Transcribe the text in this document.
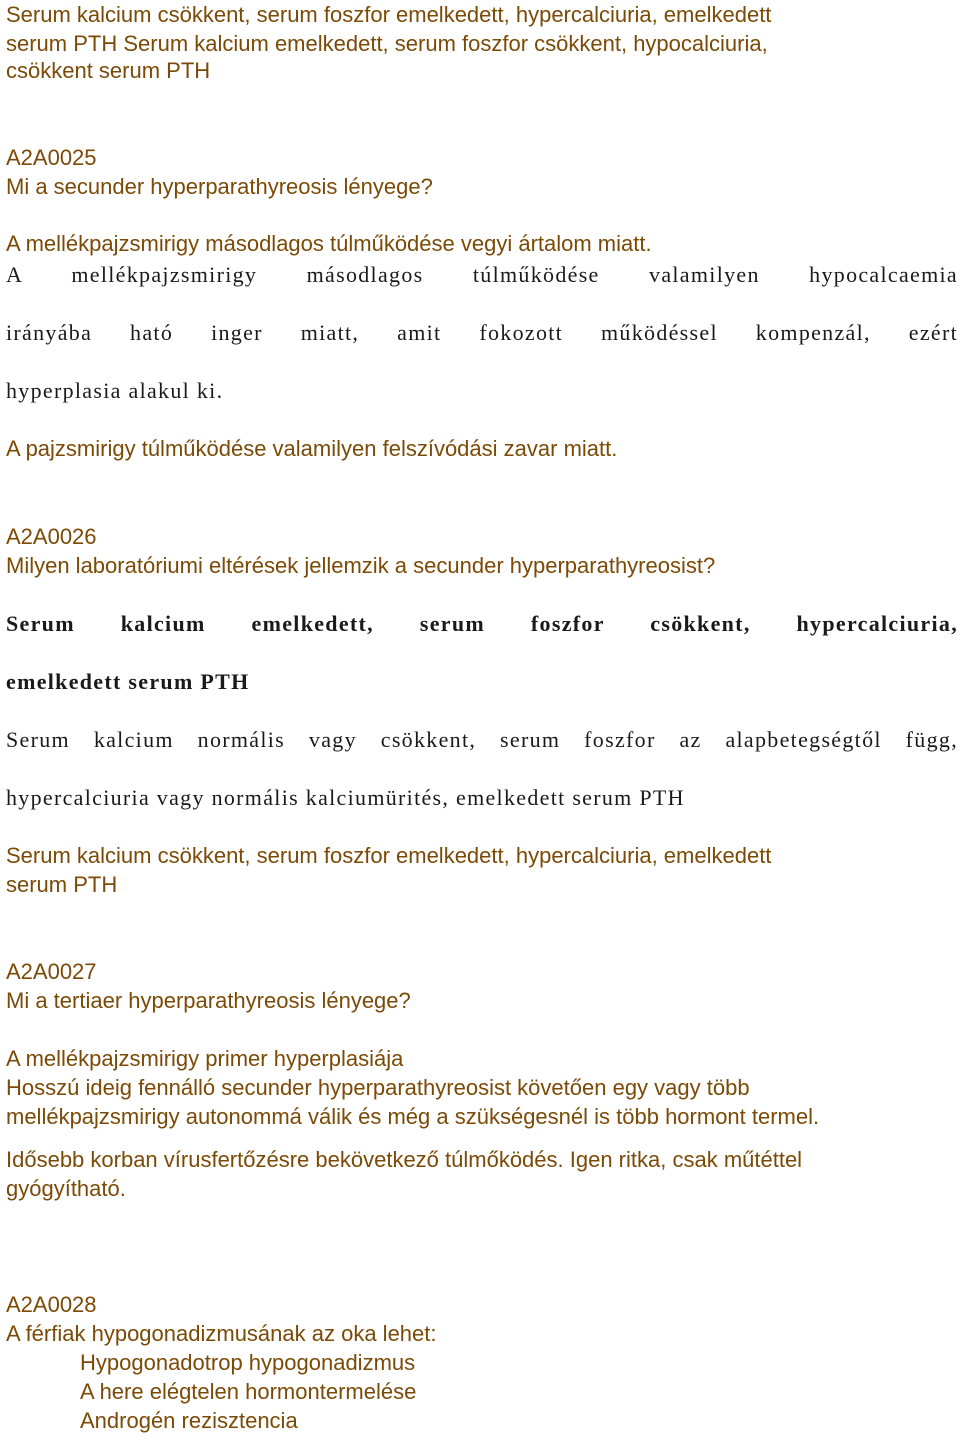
Serum kalcium csökkent, serum foszfor emelkedett, hypercalciuria, emelkedett

serum PTH Serum kalcium emelkedett, serum foszfor csökkent, hypocalciuria,

csökkent serum PTH

A2A0025

Mi a secunder hyperparathyreosis lényege?

A mellékpajzsmirigy másodlagos túlműködése vegyi ártalom miatt.

A mellékpajzsmirigy másodlagos túlműködése valamilyen hypocalcaemia

irányába ható inger miatt, amit fokozott működéssel kompenzál, ezért

hyperplasia alakul ki.

A pajzsmirigy túlműködése valamilyen felszívódási zavar miatt.

A2A0026

Milyen laboratóriumi eltérések jellemzik a secunder hyperparathyreosist?

Serum kalcium emelkedett, serum foszfor csökkent, hypercalciuria,

emelkedett serum PTH

Serum kalcium normális vagy csökkent, serum foszfor az alapbetegségtől függ,

hypercalciuria vagy normális kalciumürités, emelkedett serum PTH

Serum kalcium csökkent, serum foszfor emelkedett, hypercalciuria, emelkedett

serum PTH

A2A0027

Mi a tertiaer hyperparathyreosis lényege?

A mellékpajzsmirigy primer hyperplasiája

Hosszú ideig fennálló secunder hyperparathyreosist követően egy vagy több

mellékpajzsmirigy autonommá válik és még a szükségesnél is több hormont termel.

Idősebb korban vírusfertőzésre bekövetkező túlmőködés. Igen ritka, csak műtéttel

gyógyítható.

A2A0028

A férfiak hypogonadizmusának az oka lehet:

Hypogonadotrop hypogonadizmus

A here elégtelen hormontermelése

Androgén rezisztencia
